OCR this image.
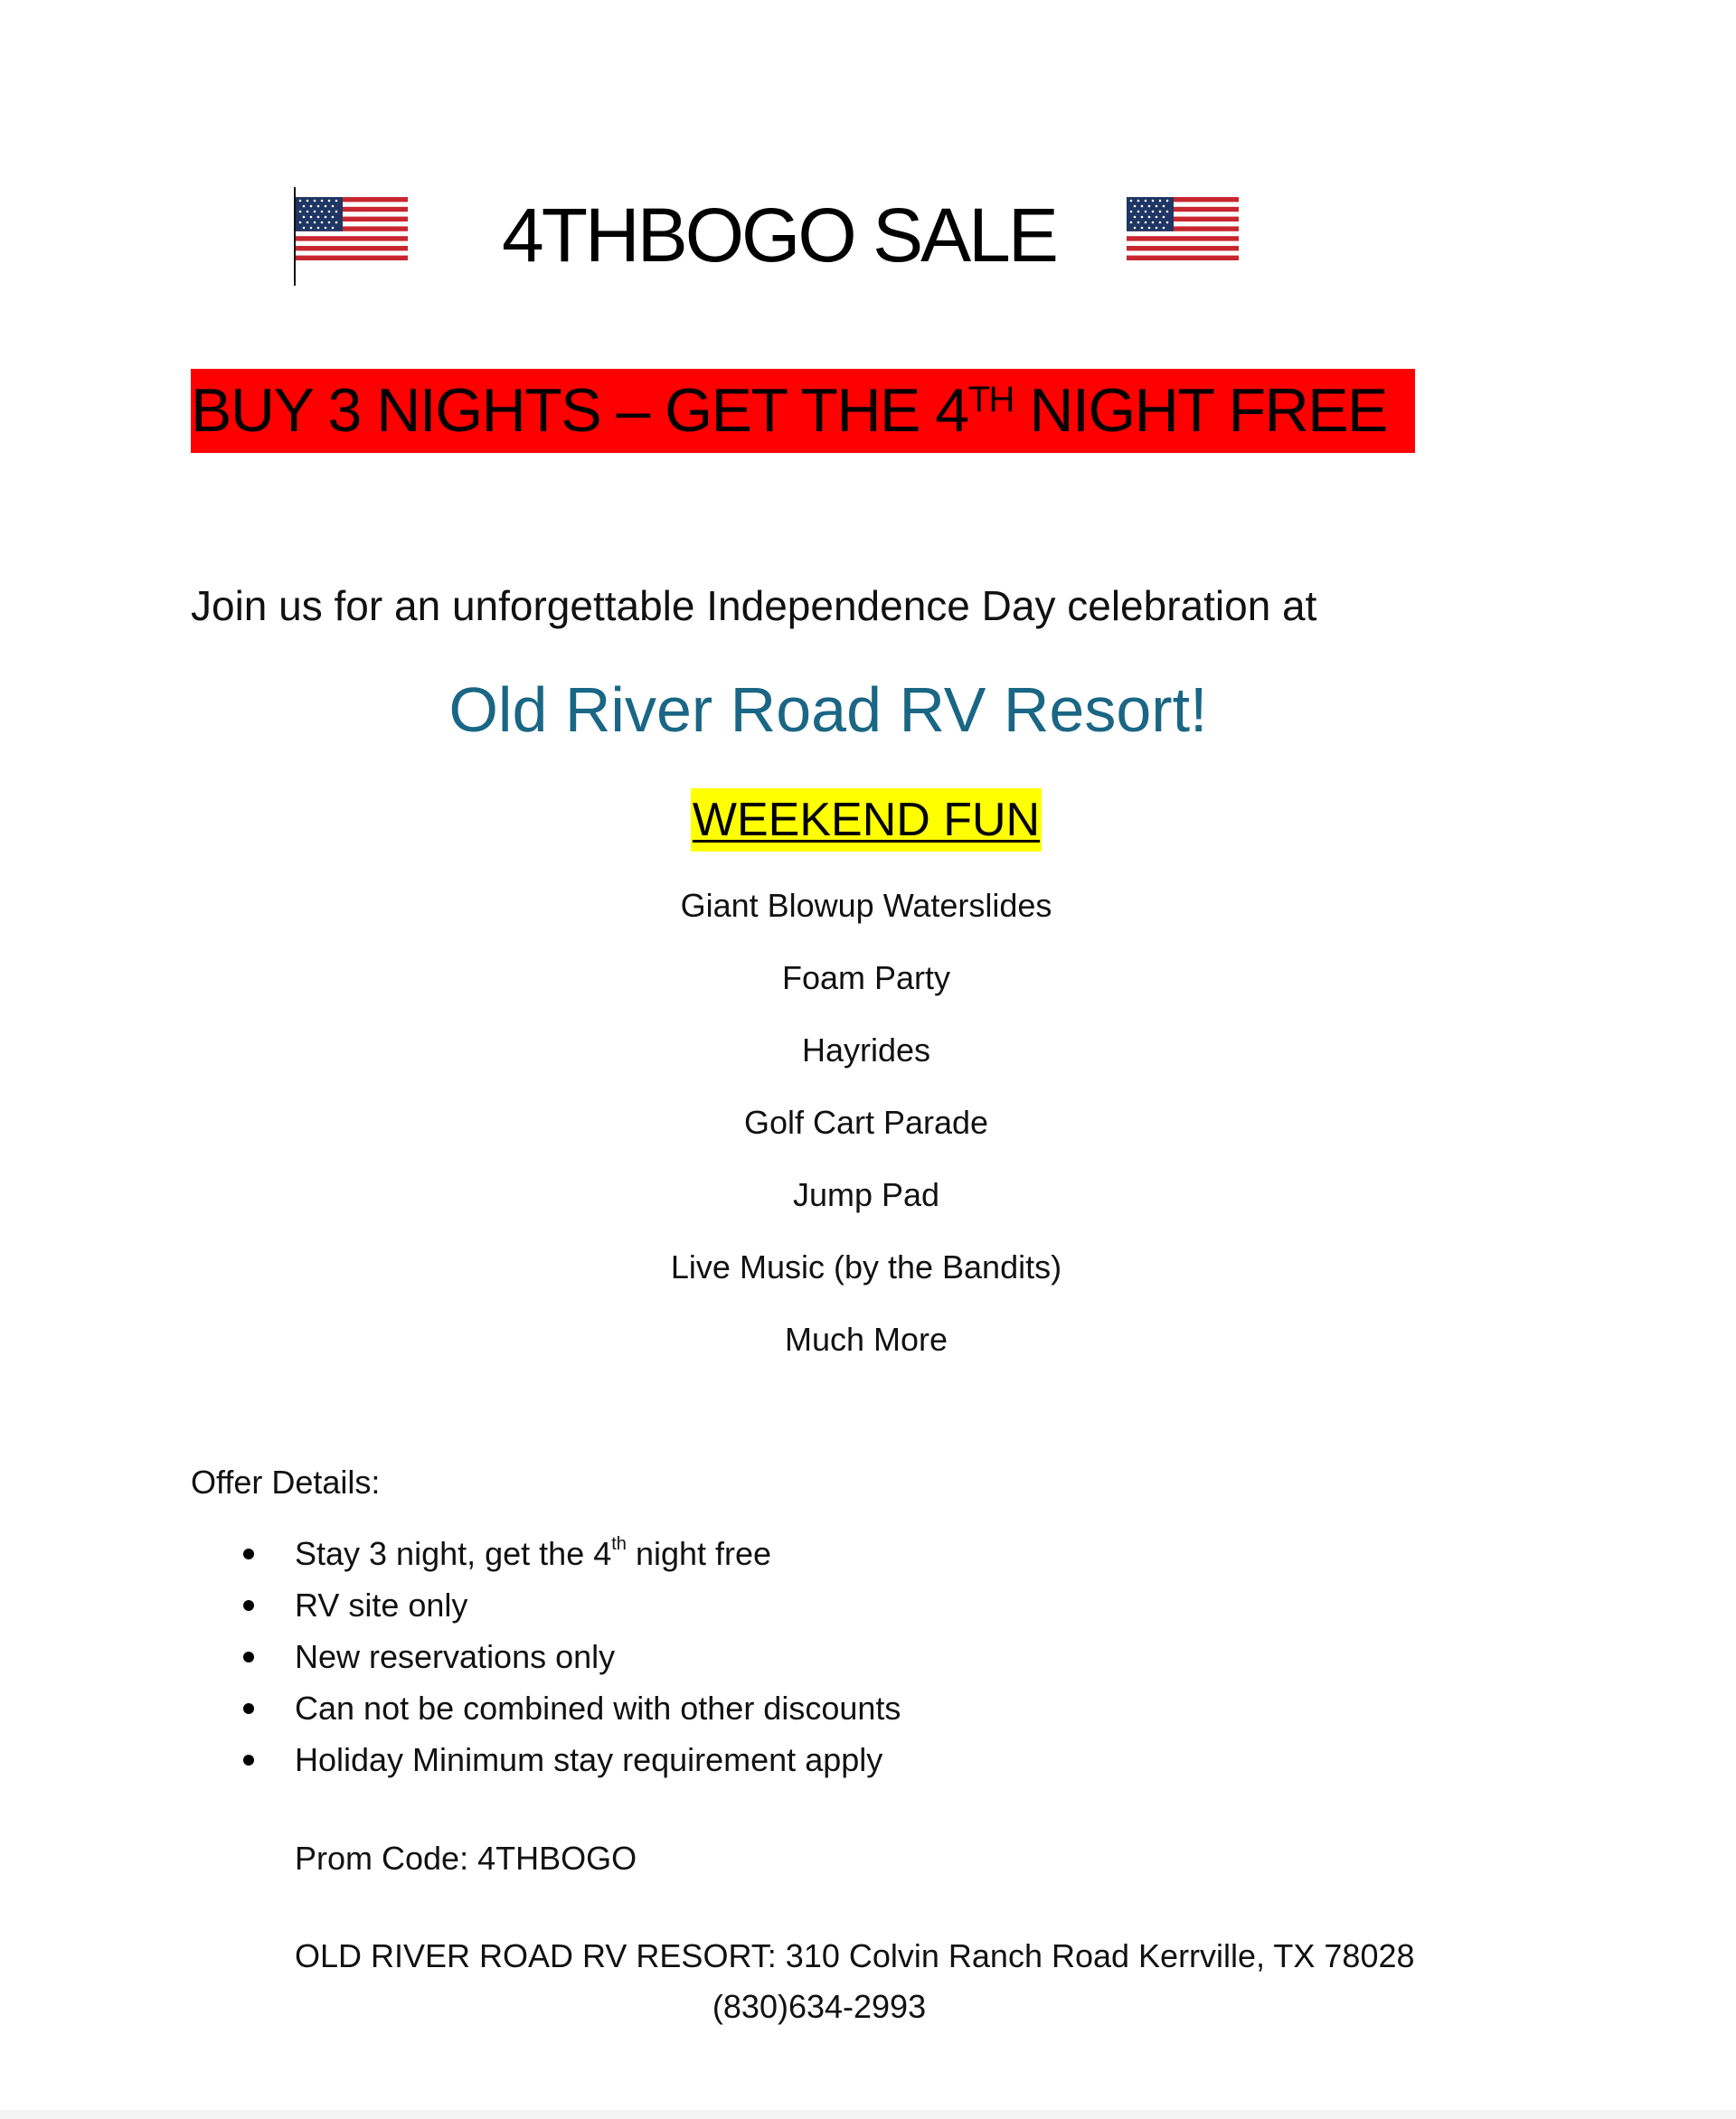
4THBOGO SALE
BUY 3 NIGHTS – GET THE 4TH NIGHT FREE
Join us for an unforgettable Independence Day celebration at
Old River Road RV Resort!
WEEKEND FUN
Giant Blowup Waterslides
Foam Party
Hayrides
Golf Cart Parade
Jump Pad
Live Music (by the Bandits)
Much More
Offer Details:
Stay 3 night, get the 4th night free
RV site only
New reservations only
Can not be combined with other discounts
Holiday Minimum stay requirement apply
Prom Code: 4THBOGO
OLD RIVER ROAD RV RESORT: 310 Colvin Ranch Road Kerrville, TX 78028
(830)634-2993
